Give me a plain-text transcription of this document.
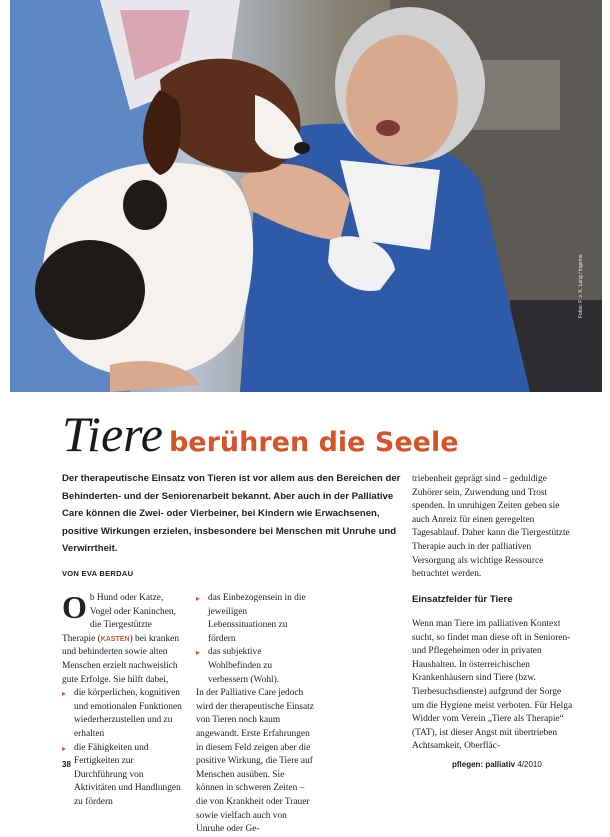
Fotos: F. v. K. Lang / Ingema
Tiere berühren die Seele
Der therapeutische Einsatz von Tieren ist vor allem aus den Bereichen der Behinderten- und der Seniorenarbeit bekannt. Aber auch in der Palliative Care können die Zwei- oder Vierbeiner, bei Kindern wie Erwachsenen, positive Wirkungen erzielen, insbesondere bei Menschen mit Unruhe und Verwirrtheit.
VON EVA BERDAU
Ob Hund oder Katze, Vogel oder Kaninchen, die Tiergestützte Therapie (KASTEN) bei kranken und behinderten sowie alten Menschen erzielt nachweislich gute Erfolge. Sie hilft dabei,
▸ die körperlichen, kognitiven und emotionalen Funktionen wiederherzustellen und zu erhalten
▸ die Fähigkeiten und Fertigkeiten zur Durchführung von Aktivitäten und Handlungen zu fördern
▸ das Einbezogensein in die jeweiligen Lebenssituationen zu fördern
▸ das subjektive Wohlbefinden zu verbessern (Wohl).
In der Palliative Care jedoch wird der therapeutische Einsatz von Tieren noch kaum angewandt. Erste Erfahrungen in diesem Feld zeigen aber die positive Wirkung, die Tiere auf Menschen ausüben. Sie können in schweren Zeiten – die von Krankheit oder Trauer sowie vielfach auch von Unruhe oder Ge-
triebenheit geprägt sind – geduldige Zuhörer sein, Zuwendung und Trost spenden. In unruhigen Zeiten geben sie auch Anreiz für einen geregelten Tagesablauf. Daher kann die Tiergestützte Therapie auch in der palliativen Versorgung als wichtige Ressource betrachtet werden.
Einsatzfelder für Tiere
Wenn man Tiere im palliativen Kontext sucht, so findet man diese oft in Senioren- und Pflegeheimen oder in privaten Haushalten. In österreichischen Krankenhäusern sind Tiere (bzw. Tierbesuchsdienste) aufgrund der Sorge um die Hygiene meist verboten. Für Helga Widder vom Verein „Tiere als Therapie“ (TAT), ist dieser Angst mit übertrieben Achtsamkeit, Oberfläc-
38	pflegen: palliativ 4/2010
